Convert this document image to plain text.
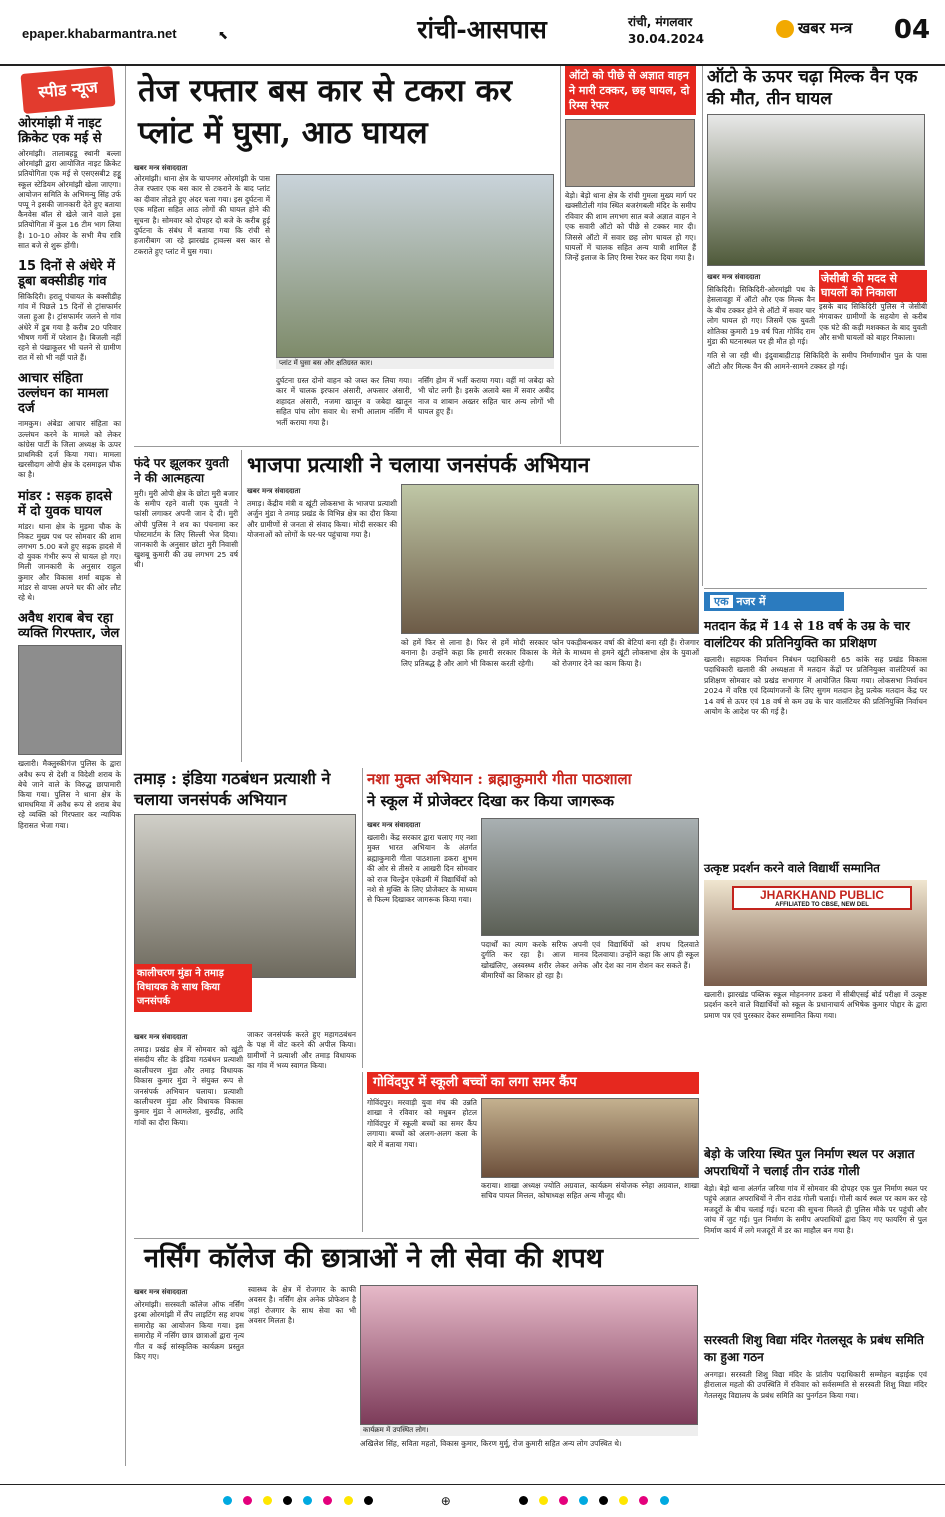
epaper.khabarmantra.net	⬉	रांची-आसपास	रांची, मंगलवार
30.04.2024
खबर मन्त्र 04
स्पीड न्यूज
ओरमांझी में नाइट क्रिकेट एक मई से
ओरमांझी। तालाबहडू स्थानी बल्ला ओरमांझी द्वारा आयोजित नाइट क्रिकेट प्रतियोगिता एक मई से एसएसबी2 हड्डू स्कूल स्टेडियम ओरमांझी खेला जाएगा। आयोजन समिति के अभिमन्यु सिंह उर्फ पप्पू ने इसकी जानकारी देते हुए बताया कैनवेस बॉल से खेले जाने वाले इस प्रतियोगिता में कुल 16 टीम भाग लिया है। 10-10 ओवर के सभी मैच रात्रि सात बजे से शुरू होंगी।
15 दिनों से अंधेरे में डूबा बक्सीडीह गांव
सिकिदिरी। हरातू पंचायत के बक्सीडीह गांव में पिछले 15 दिनों से ट्रांसफार्मर जला हुआ है। ट्रांसफार्मर जलने से गांव अंधेरे में डूब गया है करीब 20 परिवार भीषण गर्मी में परेशान है। बिजली नहीं रहने से पंखाकूलर भी चलने से ग्रामीण रात में सो भी नहीं पाते हैं।
आचार संहिता उल्लंघन का मामला दर्ज
नामकुम। अंबेडा आचार संहिता का उल्लंघन करने के मामले को लेकर कांग्रेस पार्टी के जिला अध्यक्ष के ऊपर प्राथमिकी दर्ज किया गया। मामला खरसीदाग ओपी क्षेत्र के दसमाइल चौक का है।
मांडर : सड़क हादसे में दो युवक घायल
मांडर। थाना क्षेत्र के मुड़मा चौक के निकट मुख्य पथ पर सोमवार की शाम लगभग 5.00 बजे हुए सड़क हादसे में दो युवक गंभीर रूप से घायल हो गए। मिली जानकारी के अनुसार राहुल कुमार और विकास शर्मा बाइक से मांडर से वापस अपने घर की ओर लौट रहे थे।
अवैध शराब बेच रहा व्यक्ति गिरफ्तार, जेल
खलारी। मैक्लुस्कीगंज पुलिस के द्वारा अवैध रूप से देशी व विदेशी शराब के बेचे जाने वाले के विरुद्ध छापामारी किया गया। पुलिस ने थाना क्षेत्र के धामधमिया में अवैध रूप से शराब बेच रहे व्यक्ति को गिरफ्तार कर न्यायिक हिरासत भेजा गया।
तेज रफ्तार बस कार से टकरा कर प्लांट में घुसा, आठ घायल
खबर मन्त्र संवाददाता
ओरमांझी। थाना क्षेत्र के चापनगर ओरमांझी के पास तेज रफ्तार एक बस कार से टकराने के बाद प्लांट का दीवार तोड़ते हुए अंदर चला गया। इस दुर्घटना में एक महिला सहित आठ लोगों की घायल होने की सूचना है। सोमवार को दोपहर दो बजे के करीब हुई दुर्घटना के संबंध में बताया गया कि रांची से हजारीबाग जा रहे झारखंड ट्रावल्स बस कार से टकराते हुए प्लांट में घुस गया।
प्लांट में घुसा बस और क्षतिग्रस्त कार।
दुर्घटना ग्रस्त दोनो वाहन को जब्त कर लिया गया। कार में चालक इरफान अंसारी, अफसार अंसारी, शहादत अंसारी, नजमा खातून व जबेदा खातून सहित पांच लोग सवार थे। सभी आलाम नर्सिंग में भर्ती कराया गया है।
नर्सिंग होम में भर्ती कराया गया। वहीं मां जबेदा को भी चोट लगी है। इसके अलावे बस में सवार अबीद नाज व शाबान अख्तर सहित चार अन्य लोगों भी घायल हुए हैं।
ऑटो को पीछे से अज्ञात वाहन ने मारी टक्कर, छह घायल, दो रिम्स रेफर
बेड़ो। बेड़ो थाना क्षेत्र के रांची गुमला मुख्य मार्ग पर खक्सीटोली गांव स्थित बजरंगबली मंदिर के समीप रविवार की शाम लगभग सात बजे अज्ञात वाहन ने एक सवारी ऑटो को पीछे से टक्कर मार दी। जिससे ऑटो में सवार छह लोग घायल हो गए। घायलों में चालक सहित अन्य यात्री शामिल हैं जिन्हें इलाज के लिए रिम्स रेफर कर दिया गया है।
ऑटो के ऊपर चढ़ा मिल्क वैन एक की मौत, तीन घायल
खबर मन्त्र संवाददाता
सिकिदिरी। सिकिदिरी-ओरमांझी पथ के हेसलावड्डा में ऑटो और एक मिल्क वैन के बीच टक्कर होने से ऑटो में सवार चार लोग घायल हो गए। जिसमें एक युवती शोतिका कुमारी 19 वर्ष पिता गोविंद राम मुंडा की घटनास्थल पर ही मौत हो गई।
जेसीबी की मदद से घायलों को निकाला
इसके बाद सिकिदिरी पुलिस ने जेसीबी मंगवाकर ग्रामीणों के सहयोग से करीब एक घंटे की कड़ी मशक्कत के बाद युवती और सभी घायलों को बाहर निकाला।
गति से जा रही थी। इंदुवाबाद़ीटाड़ सिकिदिरी के समीप निर्माणाधीन पुल के पास ऑटो और मिल्क वैन की आमने-सामने टक्कर हो गई।
भाजपा प्रत्याशी ने चलाया जनसंपर्क अभियान
खबर मन्त्र संवाददाता
तमाड़। केंद्रीय मंत्री व खूंटी लोकसभा के भाजपा प्रत्याशी अर्जुन मुंडा ने तमाड़ प्रखंड के विभिन्न क्षेत्र का दौरा किया और ग्रामीणों से जनता से संवाद किया। मोदी सरकार की योजनाओं को लोगों के घर-घर पहुंचाया गया है।
को हमें फिर से लाना है। फिर से हमें मोदी सरकार बनाना है। उन्होंने कहा कि हमारी सरकार विकास के लिए प्रतिबद्ध है और आगे भी विकास करती रहेगी।
फोन पकड़ीबन्धकर वर्षा की बेटियां बना रही हैं। रोजगार मेले के माध्यम से हमने खूंटी लोकसभा क्षेत्र के युवाओं को रोजगार देने का काम किया है।
फंदे पर झूलकर युवती ने की आत्महत्या
मुरी। मुरी ओपी क्षेत्र के छोटा मुरी बजार के समीप रहने वाली एक युवती ने फांसी लगाकर अपनी जान दे दी। मुरी ओपी पुलिस ने शव का पंचनामा कर पोस्टमार्टम के लिए सिल्ली भेज दिया। जानकारी के अनुसार छोटा मुरी निवासी खुशबू कुमारी की उम्र लगभग 25 वर्ष थी।
तमाड़ : इंडिया गठबंधन प्रत्याशी ने चलाया जनसंपर्क अभियान
कालीचरण मुंडा ने तमाड़ विधायक के साथ किया जनसंपर्क
खबर मन्त्र संवाददाता
तमाड़। प्रखंड क्षेत्र में सोमवार को खूंटी संसदीय सीट के इंडिया गठबंधन प्रत्याशी कालीचरण मुंडा और तमाड़ विधायक विकास कुमार मुंडा ने संयुक्त रूप से जनसंपर्क अभियान चलाया। प्रत्याशी कालीचरण मुंडा और विधायक विकास कुमार मुंडा ने आमलेशा, बुरुडीह, आदि गांवों का दौरा किया।
जाकर जनसंपर्क करते हुए महागठबंधन के पक्ष में वोट करने की अपील किया। ग्रामीणों ने प्रत्याशी और तमाड़ विधायक का गांव में भव्य स्वागत किया।
नशा मुक्त अभियान : ब्रह्माकुमारी गीता पाठशाला
ने स्कूल में प्रोजेक्टर दिखा कर किया जागरूक
खबर मन्त्र संवाददाता
खलारी। केंद्र सरकार द्वारा चलाए गए नशा मुक्त भारत अभियान के अंतर्गत ब्रह्माकुमारी गीता पाठशाला डकरा शुभम की ओर से तीसरे व आखरी दिन सोमवार को राज चिल्ड्रेन एकेडमी में विद्यार्थियों को नशे से मुक्ति के लिए प्रोजेक्टर के माध्यम से फिल्म दिखाकर जागरूक किया गया।
पदार्थों का त्याग करके सरिफ अपनी दुर्गति कर रहा है। आज मानव खोखंलिए, अस्वस्थ्य शरीर लेकर अनेक बीमारियों का शिकार हो रहा है।
एवं विद्यार्थियों को शपथ दिलवाते दिलवाया। उन्होंने कहा कि आप ही स्कूल और देश का नाम रोशन कर सकते हैं।
गोविंदपुर में स्कूली बच्चों का लगा समर कैंप
गोविंदपुर। मरवाड़ी युवा मंच की उन्नति शाखा ने रविवार को मधुबन होटल गोविंदपुर में स्कूली बच्चों का समर कैंप लगाया। बच्चों को अलग-अलग कला के बारे में बताया गया।
कराया। शाखा अध्यक्ष ज्योति अग्रवाल, कार्यक्रम संयोजक स्नेहा अग्रवाल, शाखा सचिव पायल मित्तल, कोषाध्यक्ष सहित अन्य मौजूद थी।
एक नजर में
मतदान केंद्र में 14 से 18 वर्ष के उम्र के चार वालंटियर की प्रतिनियुक्ति का प्रशिक्षण
खलारी। सहायक निर्वाचन निबंधन पदाधिकारी 65 कांके सह प्रखंड विकास पदाधिकारी खलारी की अध्यक्षता में मतदान केंद्रों पर प्रतिनियुक्त वालंटियर्स का प्रशिक्षण सोमवार को प्रखंड सभागार में आयोजित किया गया। लोकसभा निर्वाचन 2024 में वरिष्ठ एवं दिव्यांगजनों के लिए सुगम मतदान हेतु प्रत्येक मतदान केंद्र पर 14 वर्ष से ऊपर एवं 18 वर्ष से कम उम्र के चार वालंटियर की प्रतिनियुक्ति निर्वाचन आयोग के आदेश पर की गई है।
उत्कृष्ट प्रदर्शन करने वाले विद्यार्थी सम्मानित
JHARKHAND PUBLIC
AFFILIATED TO CBSE, NEW DEL
खलारी। झारखंड पब्लिक स्कूल मोहननगर डकरा में सीबीएसई बोर्ड परीक्षा में उत्कृष्ट प्रदर्शन करने वाले विद्यार्थियों को स्कूल के प्रधानाचार्य अभिषेक कुमार पोद्दार के द्वारा प्रमाण पत्र एवं पुरस्कार देकर सम्मानित किया गया।
बेड़ो के जरिया स्थित पुल निर्माण स्थल पर अज्ञात अपराधियों ने चलाई तीन राउंड गोली
बेड़ो। बेड़ो थाना अंतर्गत जरिया गांव में सोमवार की दोपहर एक पुल निर्माण स्थल पर पहुंचे अज्ञात अपराधियों ने तीन राउंड गोली चलाई। गोली कार्य स्थल पर काम कर रहे मजदूरों के बीच चलाई गई। घटना की सूचना मिलते ही पुलिस मौके पर पहुंची और जांच में जुट गई। पुल निर्माण के समीप अपराधियों द्वारा किए गए फायरिंग से पुल निर्माण कार्य में लगे मजदूरों में डर का माहौल बन गया है।
सरस्वती शिशु विद्या मंदिर गेतलसूद के प्रबंध समिति का हुआ गठन
अनगड़ा। सरस्वती शिशु विद्या मंदिर के प्रांतीय पदाधिकारी सम्मोहन बड़ाईक एवं हीरालाल महतो की उपस्थिति में रविवार को सर्वसम्मति से सरस्वती शिशु विद्या मंदिर गेतलसूद विद्यालय के प्रबंध समिति का पुनर्गठन किया गया।
नर्सिंग कॉलेज की छात्राओं ने ली सेवा की शपथ
खबर मन्त्र संवाददाता
ओरमांझी। सरस्वती कॉलेज ऑफ नर्सिंग इरबा ओरमांझी में लैंप लाइटिंग सह शपथ समारोह का आयोजन किया गया। इस समारोह में नर्सिंग छात्र छात्राओं द्वारा नृत्य गीत व कई सांस्कृतिक कार्यक्रम प्रस्तुत किए गए।
स्वास्थ्य के क्षेत्र में रोजगार के काफी अवसर है। नर्सिंग क्षेत्र अनेक प्रोफेशन है जहां रोजगार के साथ सेवा का भी अवसर मिलता है।
कार्यक्रम में उपस्थित लोग।
अखिलेश सिंह, सविता महतो, विकास कुमार, किरण मुर्मू, रोज कुमारी सहित अन्य लोग उपस्थित थे।
⊕
